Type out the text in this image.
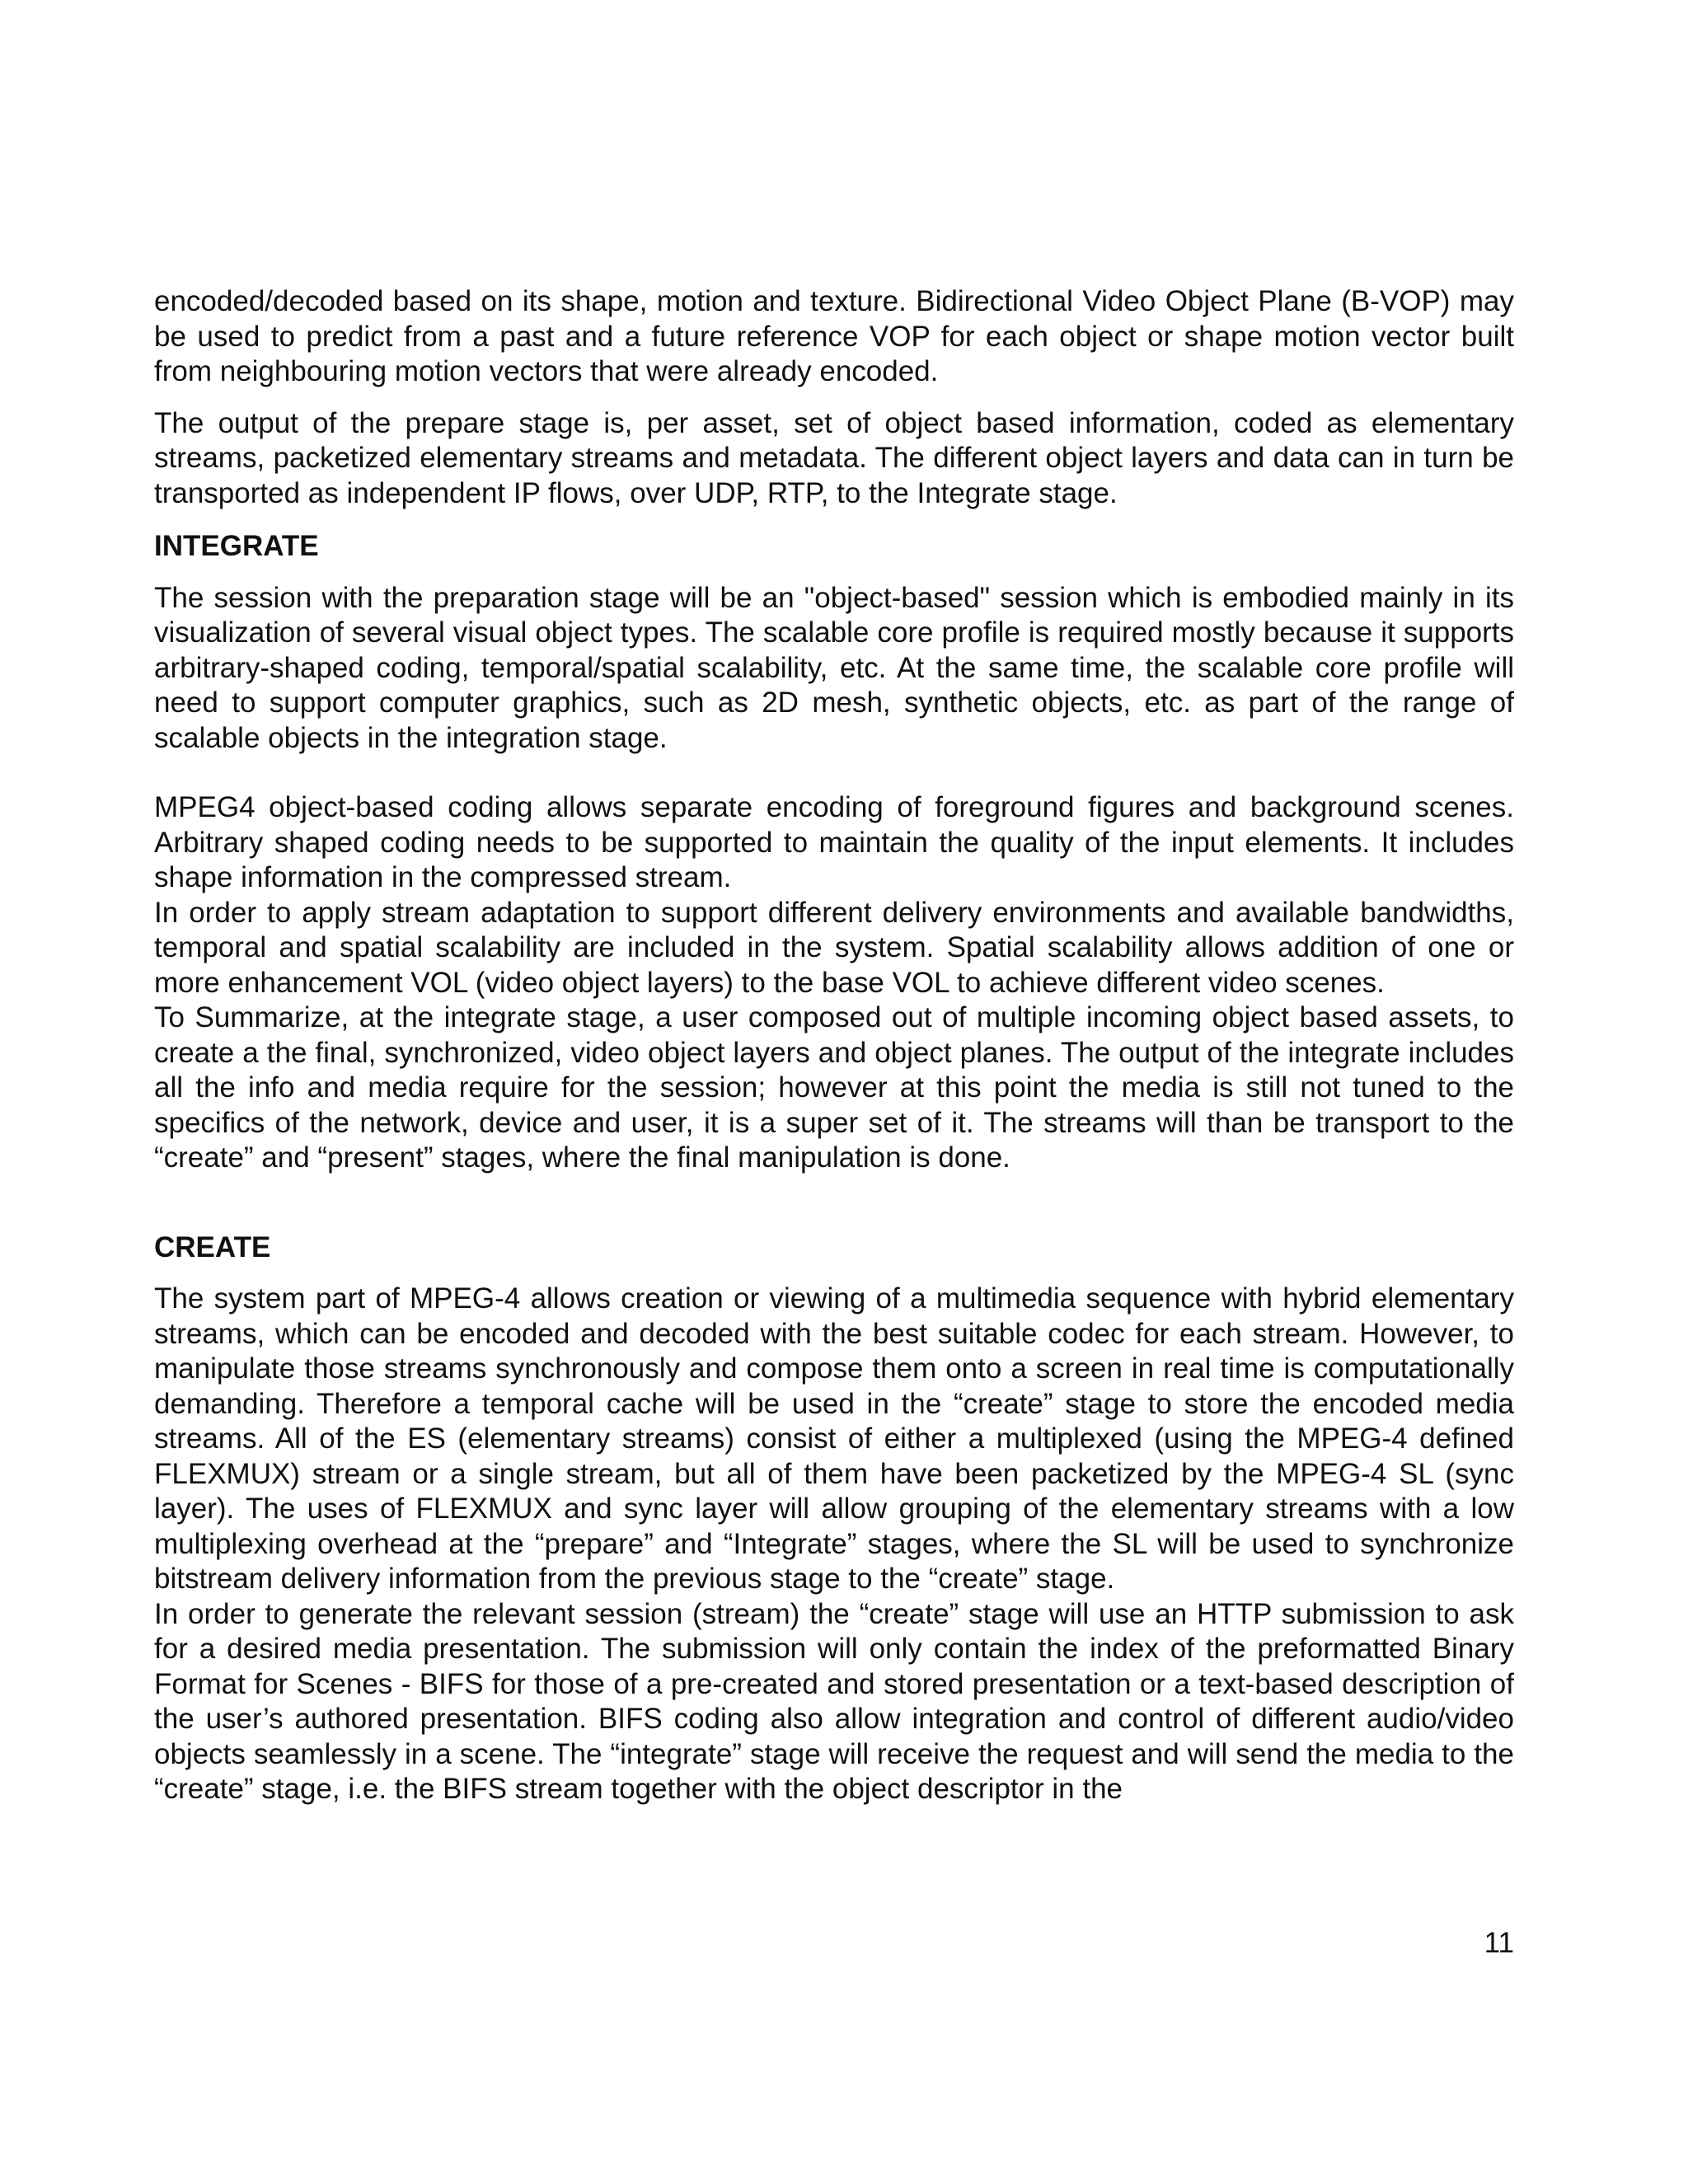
encoded/decoded based on its shape, motion and texture. Bidirectional Video Object Plane (B-VOP) may be used to predict from a past and a future reference VOP for each object or shape motion vector built from neighbouring motion vectors that were already encoded.

The output of the prepare stage is, per asset, set of object based information, coded as elementary streams, packetized elementary streams and metadata. The different object layers and data can in turn be transported as independent IP flows, over UDP, RTP, to the Integrate stage.

INTEGRATE

The session with the preparation stage will be an "object-based" session which is embodied mainly in its visualization of several visual object types. The scalable core profile is required mostly because it supports arbitrary-shaped coding, temporal/spatial scalability, etc. At the same time, the scalable core profile will need to support computer graphics, such as 2D mesh, synthetic objects, etc. as part of the range of scalable objects in the integration stage.

MPEG4 object-based coding allows separate encoding of foreground figures and background scenes. Arbitrary shaped coding needs to be supported to maintain the quality of the input elements. It includes shape information in the compressed stream.

In order to apply stream adaptation to support different delivery environments and available bandwidths, temporal and spatial scalability are included in the system. Spatial scalability allows addition of one or more enhancement VOL (video object layers) to the base VOL to achieve different video scenes.

To Summarize, at the integrate stage, a user composed out of multiple incoming object based assets, to create a the final, synchronized, video object layers and object planes. The output of the integrate includes all the info and media require for the session; however at this point the media is still not tuned to the specifics of the network, device and user, it is a super set of it. The streams will than be transport to the “create” and “present” stages, where the final manipulation is done.

CREATE

The system part of MPEG-4 allows creation or viewing of a multimedia sequence with hybrid elementary streams, which can be encoded and decoded with the best suitable codec for each stream. However, to manipulate those streams synchronously and compose them onto a screen in real time is computationally demanding. Therefore a temporal cache will be used in the “create” stage to store the encoded media streams. All of the ES (elementary streams) consist of either a multiplexed (using the MPEG-4 defined FLEXMUX) stream or a single stream, but all of them have been packetized by the MPEG-4 SL (sync layer). The uses of FLEXMUX and sync layer will allow grouping of the elementary streams with a low multiplexing overhead at the “prepare” and “Integrate” stages, where the SL will be used to synchronize bitstream delivery information from the previous stage to the “create” stage.

In order to generate the relevant session (stream) the “create” stage will use an HTTP submission to ask for a desired media presentation. The submission will only contain the index of the preformatted Binary Format for Scenes - BIFS for those of a pre-created and stored presentation or a text-based description of the user’s authored presentation. BIFS coding also allow integration and control of different audio/video objects seamlessly in a scene. The “integrate” stage will receive the request and will send the media to the “create” stage, i.e. the BIFS stream together with the object descriptor in the

11
